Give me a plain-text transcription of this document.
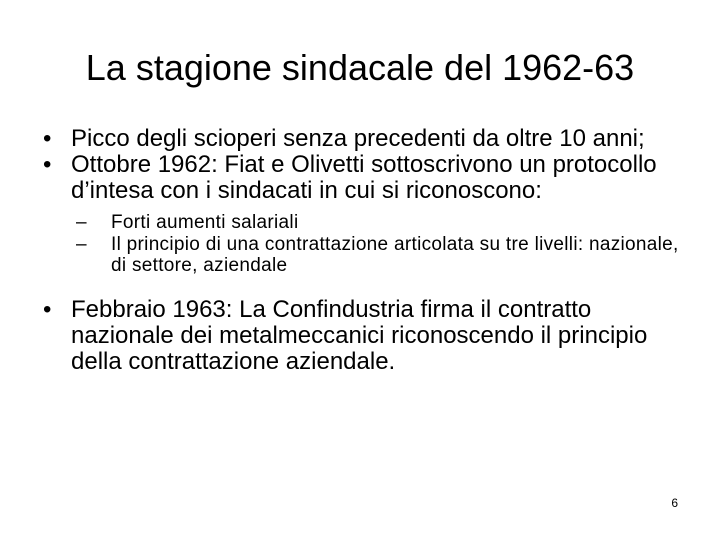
La stagione sindacale del 1962-63
• Picco degli scioperi senza precedenti da oltre 10 anni;
• Ottobre 1962: Fiat e Olivetti sottoscrivono un protocollo d’intesa con i sindacati in cui si riconoscono:
– Forti aumenti salariali
– Il principio di una contrattazione articolata su tre livelli: nazionale, di settore, aziendale
• Febbraio 1963: La Confindustria firma il contratto nazionale dei metalmeccanici riconoscendo il principio della contrattazione aziendale.
6
